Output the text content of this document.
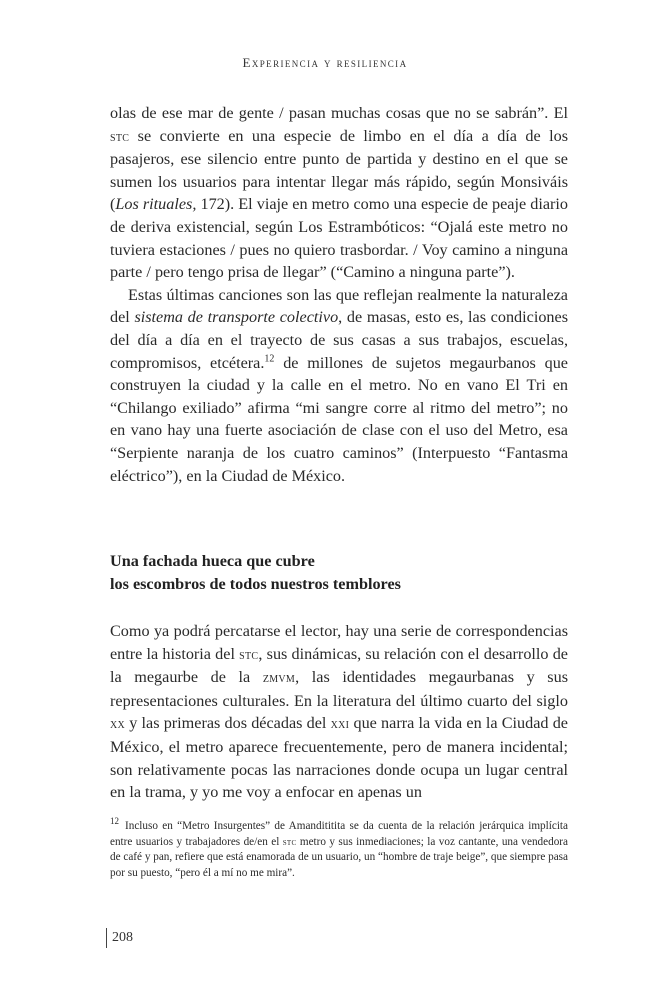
Experiencia y resiliencia

olas de ese mar de gente / pasan muchas cosas que no se sabrán”. El stc se convierte en una especie de limbo en el día a día de los pasajeros, ese silencio entre punto de partida y destino en el que se sumen los usuarios para intentar llegar más rápido, según Monsiváis (Los rituales, 172). El viaje en metro como una especie de peaje diario de deriva existencial, según Los Estrambóticos: “Ojalá este metro no tuviera estaciones / pues no quiero trasbordar. / Voy camino a ninguna parte / pero tengo prisa de llegar” (“Camino a ninguna parte”).

Estas últimas canciones son las que reflejan realmente la naturaleza del sistema de transporte colectivo, de masas, esto es, las condiciones del día a día en el trayecto de sus casas a sus trabajos, escuelas, compromisos, etcétera.$^{12}$ de millones de sujetos megaurbanos que construyen la ciudad y la calle en el metro. No en vano El Tri en “Chilango exiliado” afirma “mi sangre corre al ritmo del metro”; no en vano hay una fuerte asociación de clase con el uso del Metro, esa “Serpiente naranja de los cuatro caminos” (Interpuesto “Fantasma eléctrico”), en la Ciudad de México.

Una fachada hueca que cubre
los escombros de todos nuestros temblores

Como ya podrá percatarse el lector, hay una serie de correspondencias entre la historia del stc, sus dinámicas, su relación con el desarrollo de la megaurbe de la zmvm, las identidades megaurbanas y sus representaciones culturales. En la literatura del último cuarto del siglo xx y las primeras dos décadas del xxi que narra la vida en la Ciudad de México, el metro aparece frecuentemente, pero de manera incidental; son relativamente pocas las narraciones donde ocupa un lugar central en la trama, y yo me voy a enfocar en apenas un

$^{12}$ Incluso en “Metro Insurgentes” de Amandititita se da cuenta de la relación jerárquica implícita entre usuarios y trabajadores de/en el stc metro y sus inmediaciones; la voz cantante, una vendedora de café y pan, refiere que está enamorada de un usuario, un “hombre de traje beige”, que siempre pasa por su puesto, “pero él a mí no me mira”.
208
